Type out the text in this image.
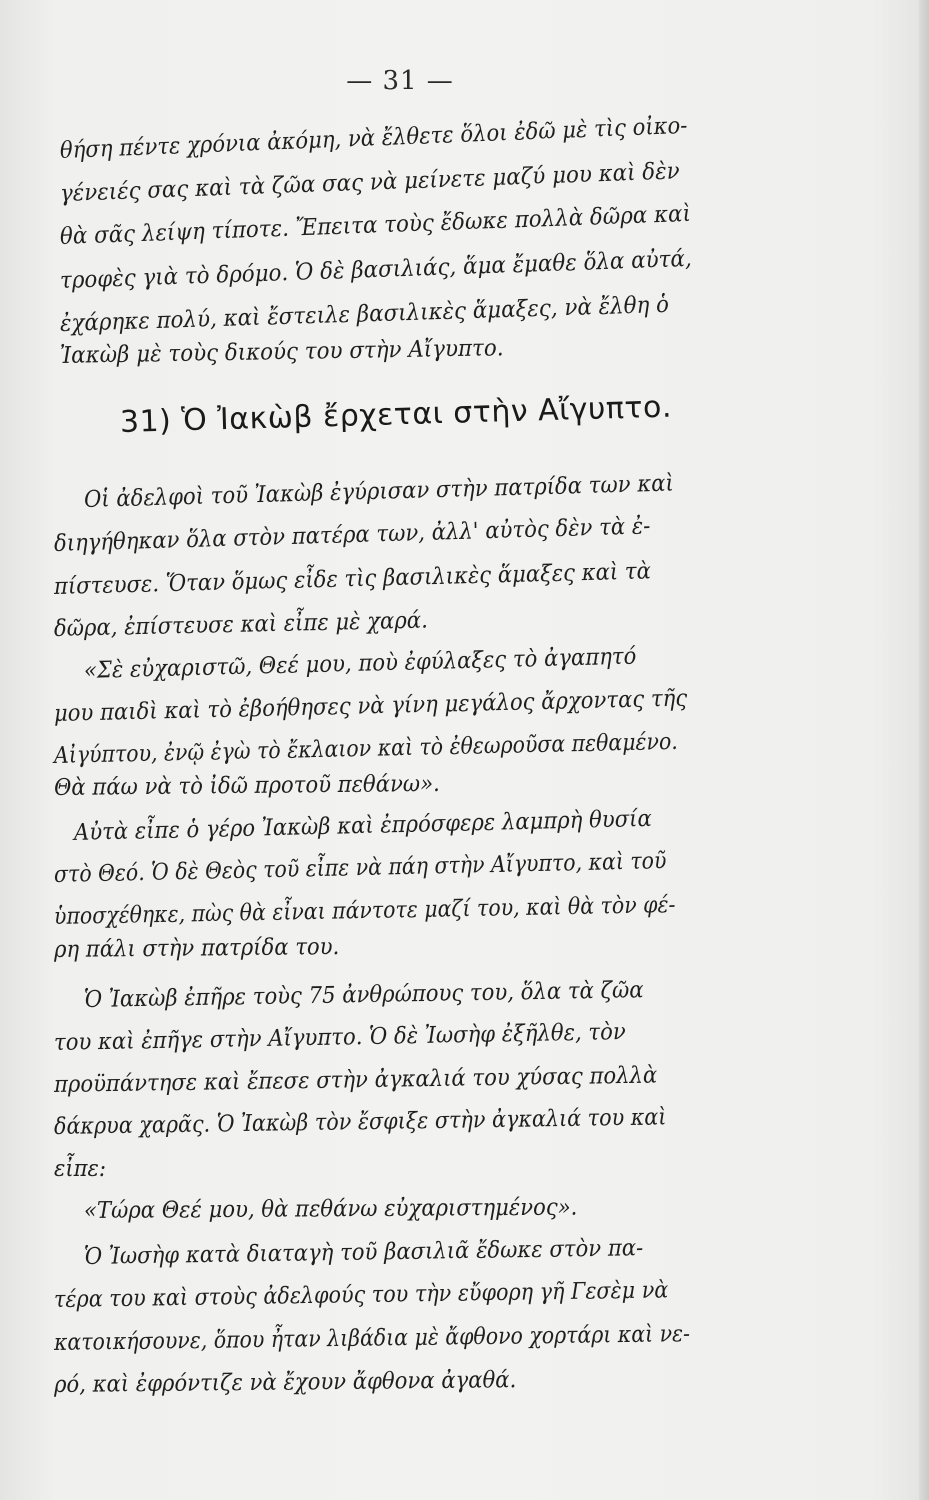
— 31 —
θήση πέντε χρόνια ἀκόμη, νὰ ἔλθετε ὅλοι ἐδῶ μὲ τὶς οἰκο-
γένειές σας καὶ τὰ ζῶα σας νὰ μείνετε μαζύ μου καὶ δὲν
θὰ σᾶς λείψη τίποτε. Ἔπειτα τοὺς ἔδωκε πολλὰ δῶρα καὶ
τροφὲς γιὰ τὸ δρόμο. Ὁ δὲ βασιλιάς, ἅμα ἔμαθε ὅλα αὐτά,
ἐχάρηκε πολύ, καὶ ἔστειλε βασιλικὲς ἅμαξες, νὰ ἔλθη ὁ
Ἰακὼβ μὲ τοὺς δικούς του στὴν Αἴγυπτο.
31) Ὁ Ἰακὼβ ἔρχεται στὴν Αἴγυπτο.
Οἱ ἀδελφοὶ τοῦ Ἰακὼβ ἐγύρισαν στὴν πατρίδα των καὶ
διηγήθηκαν ὅλα στὸν πατέρα των, ἀλλ' αὐτὸς δὲν τὰ ἐ-
πίστευσε. Ὅταν ὅμως εἶδε τὶς βασιλικὲς ἅμαξες καὶ τὰ
δῶρα, ἐπίστευσε καὶ εἶπε μὲ χαρά.
«Σὲ εὐχαριστῶ, Θεέ μου, ποὺ ἐφύλαξες τὸ ἀγαπητό
μου παιδὶ καὶ τὸ ἐβοήθησες νὰ γίνη μεγάλος ἄρχοντας τῆς
Αἰγύπτου, ἐνῷ ἐγὼ τὸ ἔκλαιον καὶ τὸ ἐθεωροῦσα πεθαμένο.
Θὰ πάω νὰ τὸ ἰδῶ προτοῦ πεθάνω».
Αὐτὰ εἶπε ὁ γέρο Ἰακὼβ καὶ ἐπρόσφερε λαμπρὴ θυσία
στὸ Θεό. Ὁ δὲ Θεὸς τοῦ εἶπε νὰ πάη στὴν Αἴγυπτο, καὶ τοῦ
ὑποσχέθηκε, πὼς θὰ εἶναι πάντοτε μαζί του, καὶ θὰ τὸν φέ-
ρη πάλι στὴν πατρίδα του.
Ὁ Ἰακὼβ ἐπῆρε τοὺς 75 ἀνθρώπους του, ὅλα τὰ ζῶα
του καὶ ἐπῆγε στὴν Αἴγυπτο. Ὁ δὲ Ἰωσὴφ ἐξῆλθε, τὸν
προϋπάντησε καὶ ἔπεσε στὴν ἀγκαλιά του χύσας πολλὰ
δάκρυα χαρᾶς. Ὁ Ἰακὼβ τὸν ἔσφιξε στὴν ἀγκαλιά του καὶ
εἶπε:
«Τώρα Θεέ μου, θὰ πεθάνω εὐχαριστημένος».
Ὁ Ἰωσὴφ κατὰ διαταγὴ τοῦ βασιλιᾶ ἔδωκε στὸν πα-
τέρα του καὶ στοὺς ἀδελφούς του τὴν εὔφορη γῆ Γεσὲμ νὰ
κατοικήσουνε, ὅπου ἦταν λιβάδια μὲ ἄφθονο χορτάρι καὶ νε-
ρό, καὶ ἐφρόντιζε νὰ ἔχουν ἄφθονα ἀγαθά.
